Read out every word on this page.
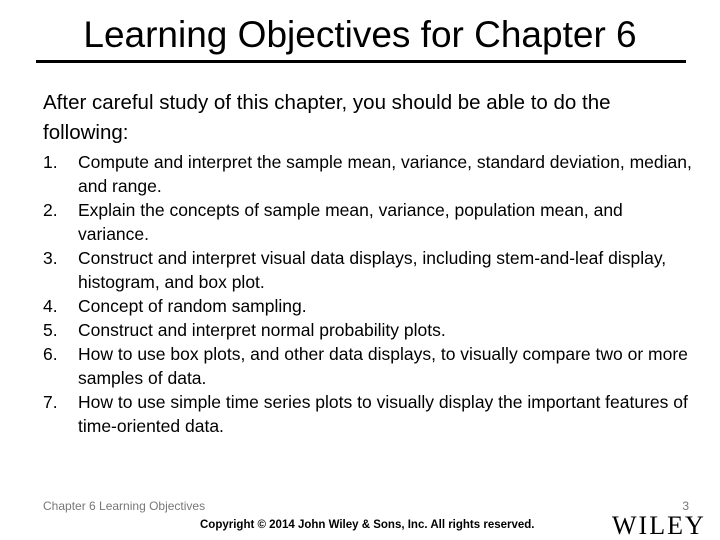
Learning Objectives for Chapter 6

After careful study of this chapter, you should be able to do the following:

1. Compute and interpret the sample mean, variance, standard deviation, median, and range.
2. Explain the concepts of sample mean, variance, population mean, and variance.
3. Construct and interpret visual data displays, including stem-and-leaf display, histogram, and box plot.
4. Concept of random sampling.
5. Construct and interpret normal probability plots.
6. How to use box plots, and other data displays, to visually compare two or more samples of data.
7. How to use simple time series plots to visually display the important features of time-oriented data.
Chapter 6 Learning Objectives	3
Copyright © 2014 John Wiley & Sons, Inc. All rights reserved.	WILEY
